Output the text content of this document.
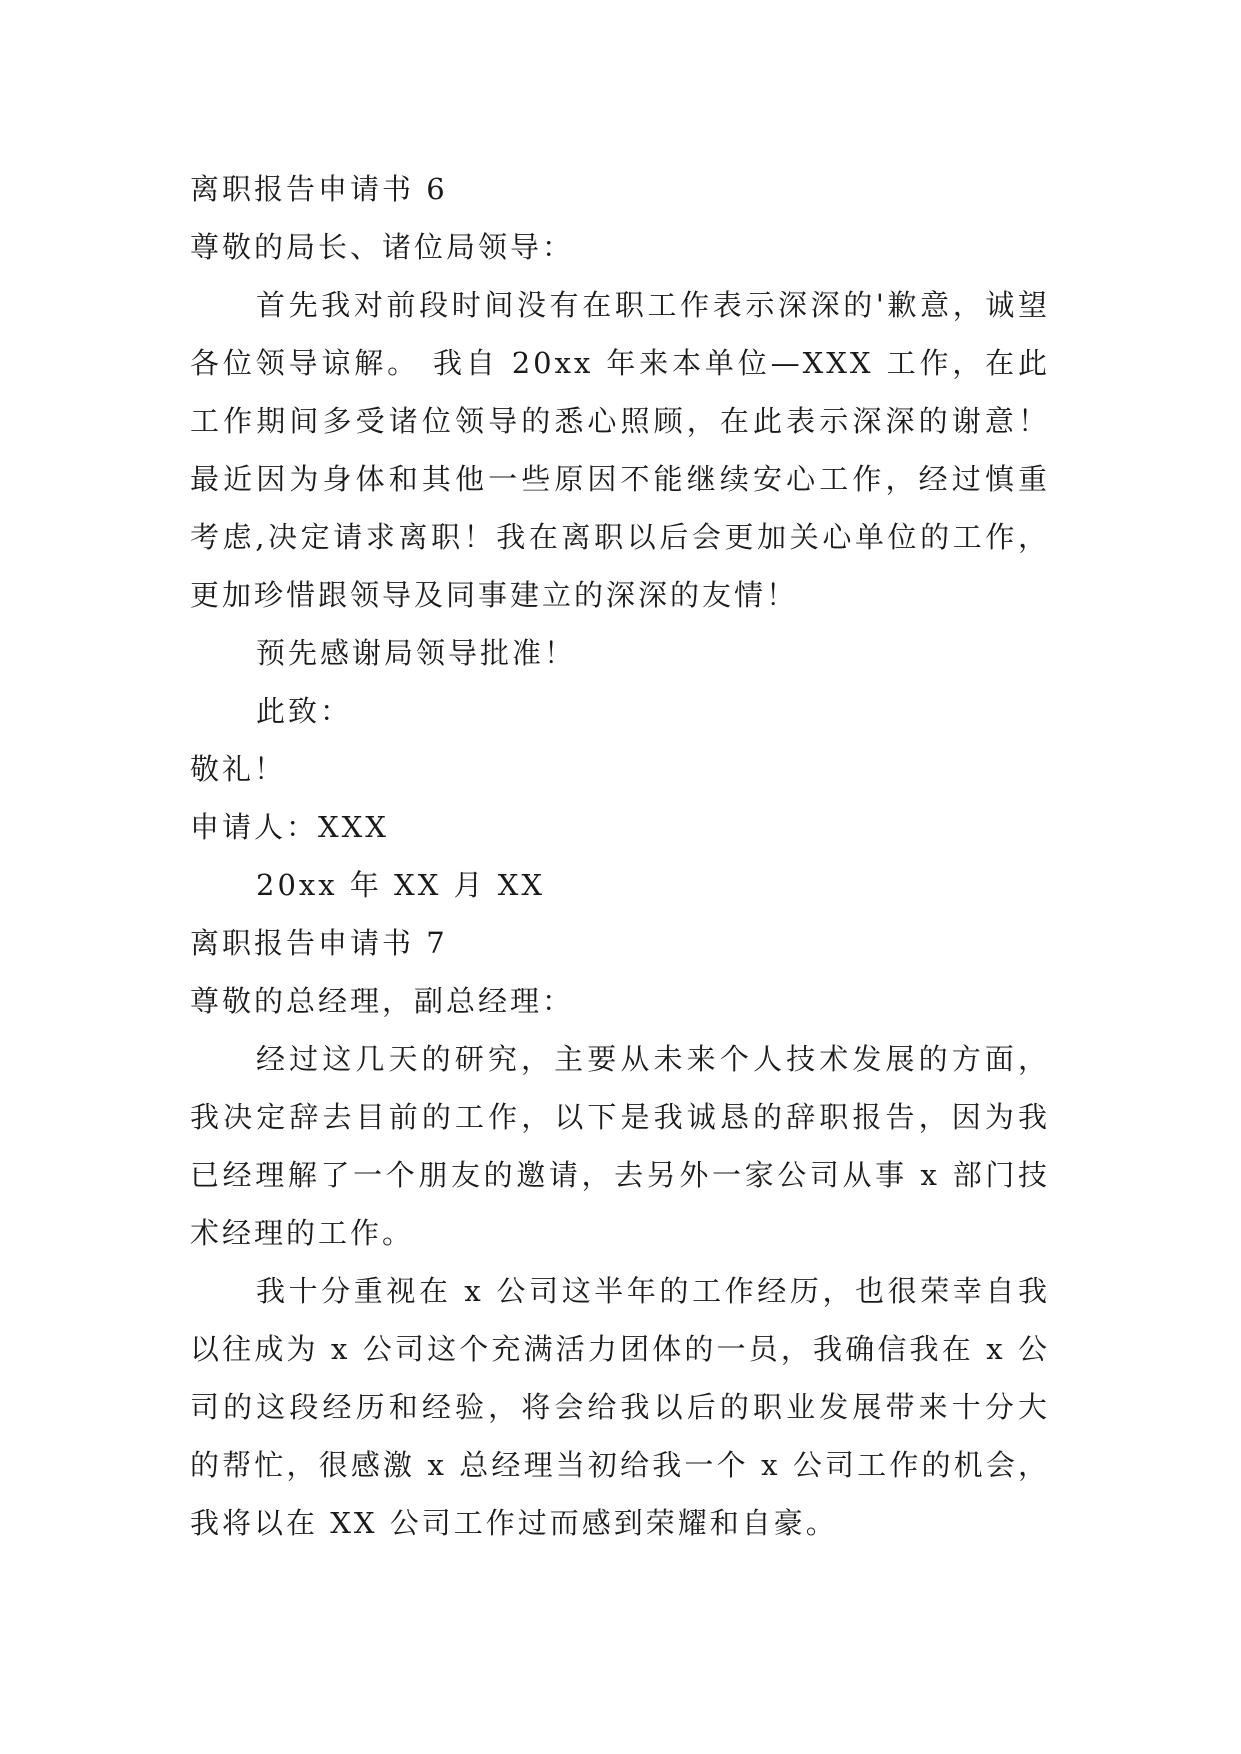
离职报告申请书 6
尊敬的局长、诸位局领导：

首先我对前段时间没有在职工作表示深深的'歉意，诚望各位领导谅解。 我自 20xx 年来本单位—XXX 工作，在此工作期间多受诸位领导的悉心照顾，在此表示深深的谢意！最近因为身体和其他一些原因不能继续安心工作，经过慎重考虑,决定请求离职！我在离职以后会更加关心单位的工作，更加珍惜跟领导及同事建立的深深的友情！

预先感谢局领导批准！
此致：
敬礼！
申请人：XXX
20xx 年 XX 月 XX
离职报告申请书 7
尊敬的总经理，副总经理：

经过这几天的研究，主要从未来个人技术发展的方面，我决定辞去目前的工作，以下是我诚恳的辞职报告，因为我已经理解了一个朋友的邀请，去另外一家公司从事 x 部门技术经理的工作。

我十分重视在 x 公司这半年的工作经历，也很荣幸自我以往成为 x 公司这个充满活力团体的一员，我确信我在 x 公司的这段经历和经验，将会给我以后的职业发展带来十分大的帮忙，很感激 x 总经理当初给我一个 x 公司工作的机会，我将以在 XX 公司工作过而感到荣耀和自豪。
